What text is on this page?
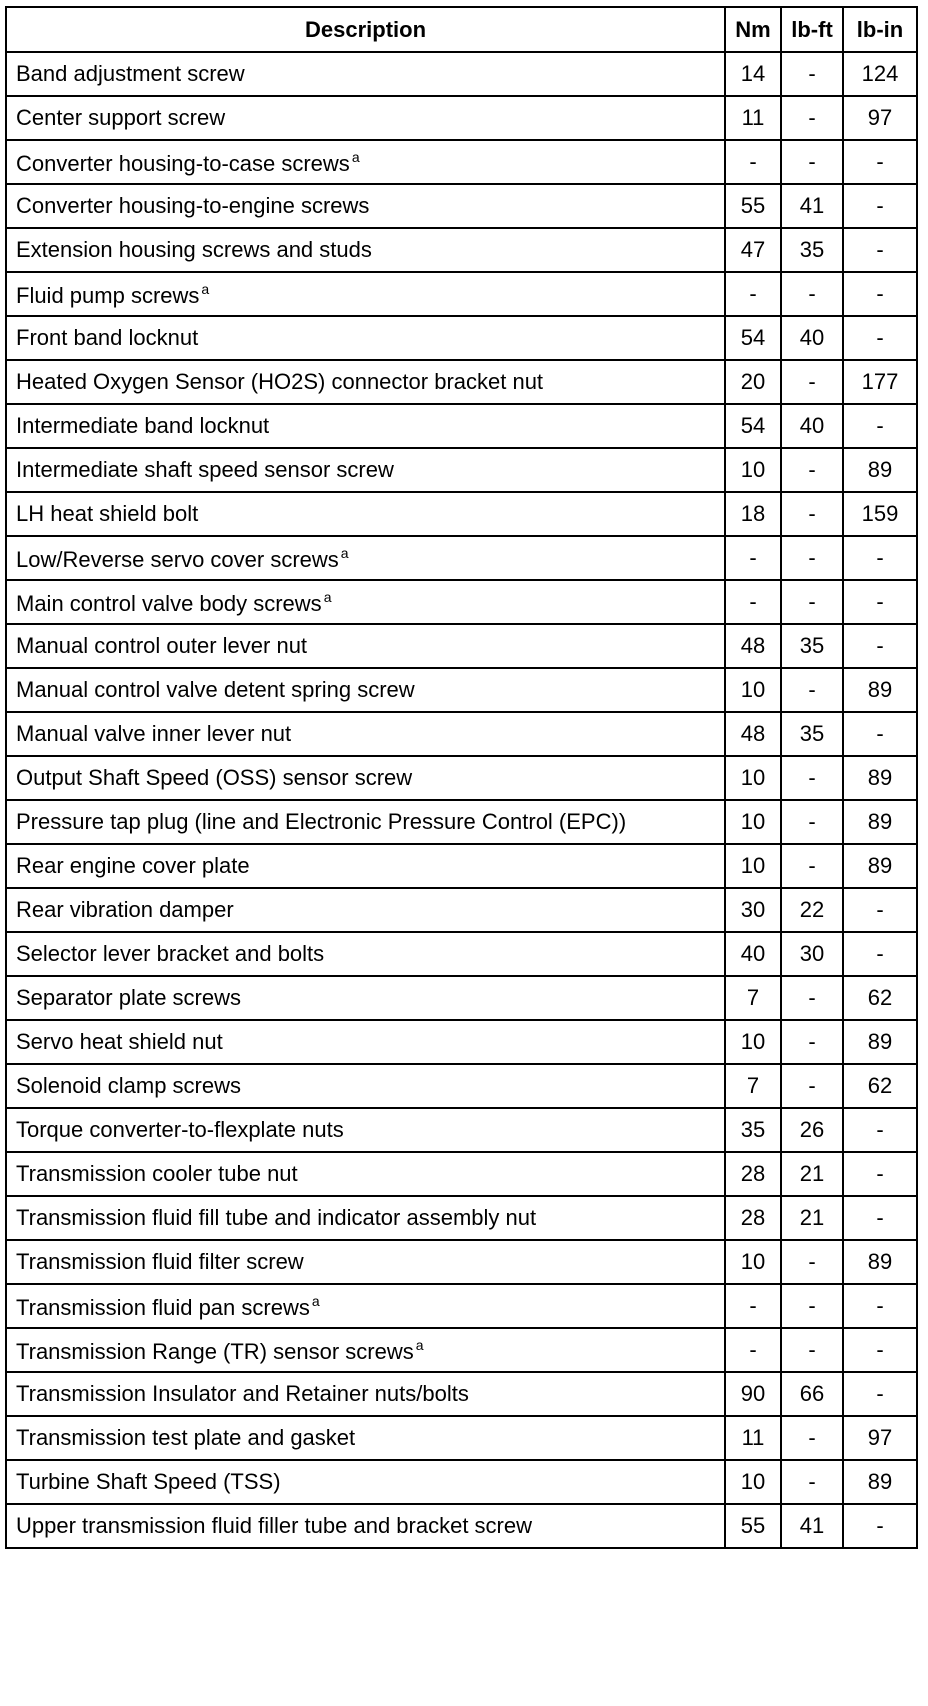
Description	Nm	lb-ft	lb-in
Band adjustment screw	14	-	124
Center support screw	11	-	97
Converter housing-to-case screws $^a$	-	-	-
Converter housing-to-engine screws	55	41	-
Extension housing screws and studs	47	35	-
Fluid pump screws $^a$	-	-	-
Front band locknut	54	40	-
Heated Oxygen Sensor (HO2S) connector bracket nut	20	-	177
Intermediate band locknut	54	40	-
Intermediate shaft speed sensor screw	10	-	89
LH heat shield bolt	18	-	159
Low/Reverse servo cover screws $^a$	-	-	-
Main control valve body screws $^a$	-	-	-
Manual control outer lever nut	48	35	-
Manual control valve detent spring screw	10	-	89
Manual valve inner lever nut	48	35	-
Output Shaft Speed (OSS) sensor screw	10	-	89
Pressure tap plug (line and Electronic Pressure Control (EPC))	10	-	89
Rear engine cover plate	10	-	89
Rear vibration damper	30	22	-
Selector lever bracket and bolts	40	30	-
Separator plate screws	7	-	62
Servo heat shield nut	10	-	89
Solenoid clamp screws	7	-	62
Torque converter-to-flexplate nuts	35	26	-
Transmission cooler tube nut	28	21	-
Transmission fluid fill tube and indicator assembly nut	28	21	-
Transmission fluid filter screw	10	-	89
Transmission fluid pan screws $^a$	-	-	-
Transmission Range (TR) sensor screws $^a$	-	-	-
Transmission Insulator and Retainer nuts/bolts	90	66	-
Transmission test plate and gasket	11	-	97
Turbine Shaft Speed (TSS)	10	-	89
Upper transmission fluid filler tube and bracket screw	55	41	-
